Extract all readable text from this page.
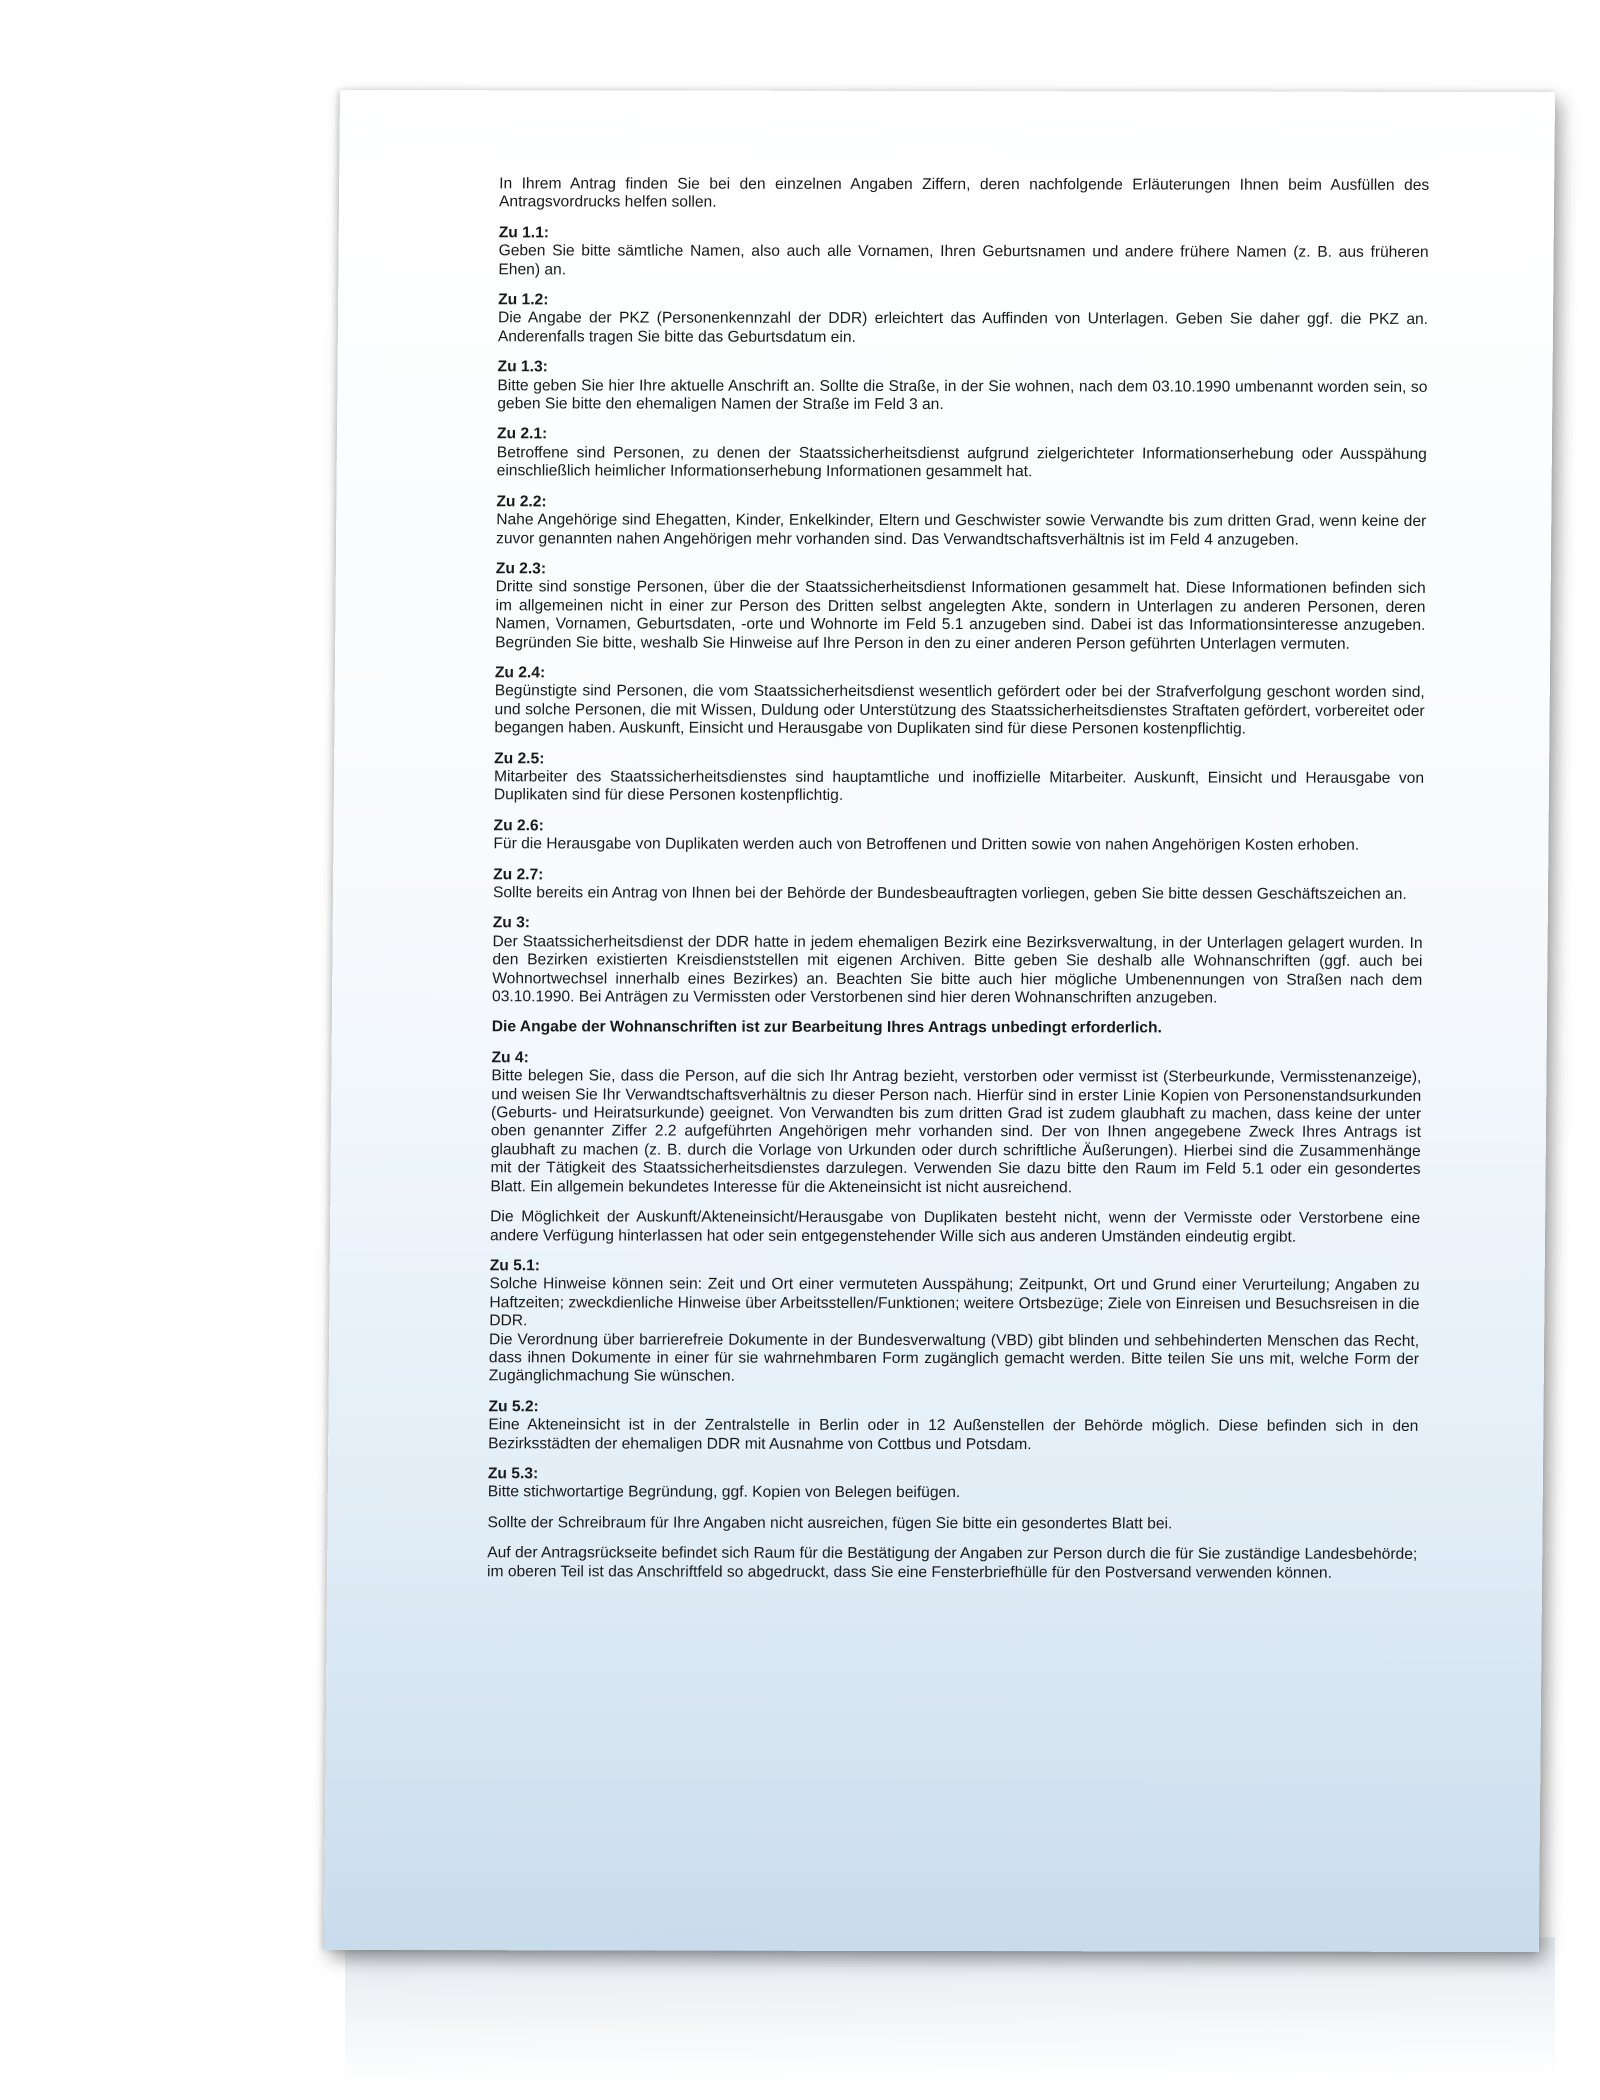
In Ihrem Antrag finden Sie bei den einzelnen Angaben Ziffern, deren nachfolgende Erläuterungen Ihnen beim Ausfüllen des Antragsvordrucks helfen sollen.

Zu 1.1:
Geben Sie bitte sämtliche Namen, also auch alle Vornamen, Ihren Geburtsnamen und andere frühere Namen (z. B. aus früheren Ehen) an.
Zu 1.2:
Die Angabe der PKZ (Personenkennzahl der DDR) erleichtert das Auffinden von Unterlagen. Geben Sie daher ggf. die PKZ an. Anderenfalls tragen Sie bitte das Geburtsdatum ein.
Zu 1.3:
Bitte geben Sie hier Ihre aktuelle Anschrift an. Sollte die Straße, in der Sie wohnen, nach dem 03.10.1990 umbenannt worden sein, so geben Sie bitte den ehemaligen Namen der Straße im Feld 3 an.
Zu 2.1:
Betroffene sind Personen, zu denen der Staatssicherheitsdienst aufgrund zielgerichteter Informationserhebung oder Ausspähung einschließlich heimlicher Informationserhebung Informationen gesammelt hat.
Zu 2.2:
Nahe Angehörige sind Ehegatten, Kinder, Enkelkinder, Eltern und Geschwister sowie Verwandte bis zum dritten Grad, wenn keine der zuvor genannten nahen Angehörigen mehr vorhanden sind. Das Verwandtschaftsverhältnis ist im Feld 4 anzugeben.
Zu 2.3:
Dritte sind sonstige Personen, über die der Staatssicherheitsdienst Informationen gesammelt hat. Diese Informationen befinden sich im allgemeinen nicht in einer zur Person des Dritten selbst angelegten Akte, sondern in Unterlagen zu anderen Personen, deren Namen, Vornamen, Geburtsdaten, -orte und Wohnorte im Feld 5.1 anzugeben sind. Dabei ist das Informationsinteresse anzugeben. Begründen Sie bitte, weshalb Sie Hinweise auf Ihre Person in den zu einer anderen Person geführten Unterlagen vermuten.
Zu 2.4:
Begünstigte sind Personen, die vom Staatssicherheitsdienst wesentlich gefördert oder bei der Strafverfolgung geschont worden sind, und solche Personen, die mit Wissen, Duldung oder Unterstützung des Staatssicherheitsdienstes Straftaten gefördert, vorbereitet oder begangen haben. Auskunft, Einsicht und Herausgabe von Duplikaten sind für diese Personen kostenpflichtig.
Zu 2.5:
Mitarbeiter des Staatssicherheitsdienstes sind hauptamtliche und inoffizielle Mitarbeiter. Auskunft, Einsicht und Herausgabe von Duplikaten sind für diese Personen kostenpflichtig.
Zu 2.6:
Für die Herausgabe von Duplikaten werden auch von Betroffenen und Dritten sowie von nahen Angehörigen Kosten erhoben.
Zu 2.7:
Sollte bereits ein Antrag von Ihnen bei der Behörde der Bundesbeauftragten vorliegen, geben Sie bitte dessen Geschäftszeichen an.
Zu 3:
Der Staatssicherheitsdienst der DDR hatte in jedem ehemaligen Bezirk eine Bezirksverwaltung, in der Unterlagen gelagert wurden. In den Bezirken existierten Kreisdienststellen mit eigenen Archiven. Bitte geben Sie deshalb alle Wohnanschriften (ggf. auch bei Wohnortwechsel innerhalb eines Bezirkes) an. Beachten Sie bitte auch hier mögliche Umbenennungen von Straßen nach dem 03.10.1990. Bei Anträgen zu Vermissten oder Verstorbenen sind hier deren Wohnanschriften anzugeben.

Die Angabe der Wohnanschriften ist zur Bearbeitung Ihres Antrags unbedingt erforderlich.

Zu 4:
Bitte belegen Sie, dass die Person, auf die sich Ihr Antrag bezieht, verstorben oder vermisst ist (Sterbeurkunde, Vermisstenanzeige), und weisen Sie Ihr Verwandtschaftsverhältnis zu dieser Person nach. Hierfür sind in erster Linie Kopien von Personenstandsurkunden (Geburts- und Heiratsurkunde) geeignet. Von Verwandten bis zum dritten Grad ist zudem glaubhaft zu machen, dass keine der unter oben genannter Ziffer 2.2 aufgeführten Angehörigen mehr vorhanden sind. Der von Ihnen angegebene Zweck Ihres Antrags ist glaubhaft zu machen (z. B. durch die Vorlage von Urkunden oder durch schriftliche Äußerungen). Hierbei sind die Zusammenhänge mit der Tätigkeit des Staatssicherheitsdienstes darzulegen. Verwenden Sie dazu bitte den Raum im Feld 5.1 oder ein gesondertes Blatt. Ein allgemein bekundetes Interesse für die Akteneinsicht ist nicht ausreichend.

Die Möglichkeit der Auskunft/Akteneinsicht/Herausgabe von Duplikaten besteht nicht, wenn der Vermisste oder Verstorbene eine andere Verfügung hinterlassen hat oder sein entgegenstehender Wille sich aus anderen Umständen eindeutig ergibt.

Zu 5.1:
Solche Hinweise können sein: Zeit und Ort einer vermuteten Ausspähung; Zeitpunkt, Ort und Grund einer Verurteilung; Angaben zu Haftzeiten; zweckdienliche Hinweise über Arbeitsstellen/Funktionen; weitere Ortsbezüge; Ziele von Einreisen und Besuchsreisen in die DDR.
Die Verordnung über barrierefreie Dokumente in der Bundesverwaltung (VBD) gibt blinden und sehbehinderten Menschen das Recht, dass ihnen Dokumente in einer für sie wahrnehmbaren Form zugänglich gemacht werden. Bitte teilen Sie uns mit, welche Form der Zugänglichmachung Sie wünschen.
Zu 5.2:
Eine Akteneinsicht ist in der Zentralstelle in Berlin oder in 12 Außenstellen der Behörde möglich. Diese befinden sich in den Bezirksstädten der ehemaligen DDR mit Ausnahme von Cottbus und Potsdam.
Zu 5.3:
Bitte stichwortartige Begründung, ggf. Kopien von Belegen beifügen.

Sollte der Schreibraum für Ihre Angaben nicht ausreichen, fügen Sie bitte ein gesondertes Blatt bei.

Auf der Antragsrückseite befindet sich Raum für die Bestätigung der Angaben zur Person durch die für Sie zuständige Landesbehörde; im oberen Teil ist das Anschriftfeld so abgedruckt, dass Sie eine Fensterbriefhülle für den Postversand verwenden können.
